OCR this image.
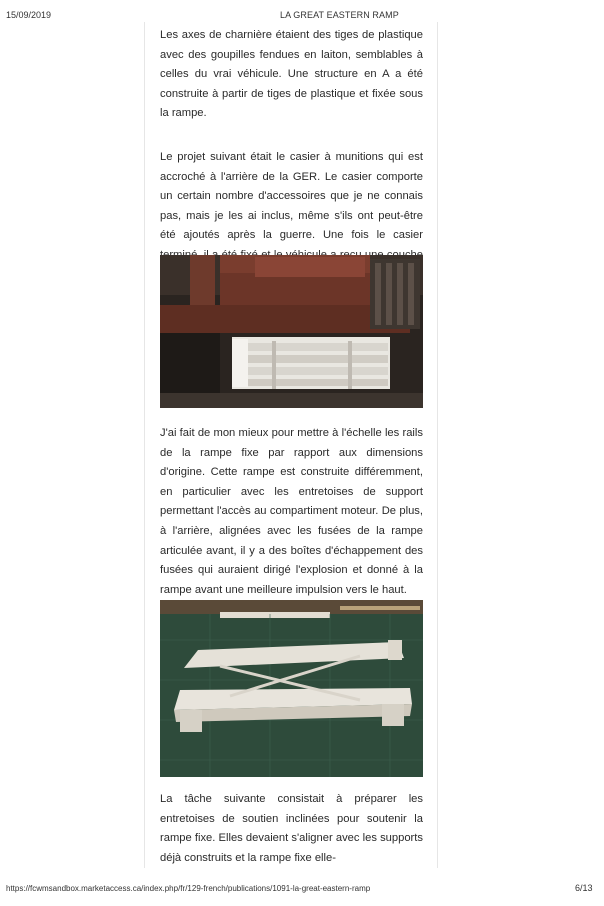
15/09/2019	LA GREAT EASTERN RAMP

Les axes de charnière étaient des tiges de plastique avec des goupilles fendues en laiton, semblables à celles du vrai véhicule. Une structure en A a été construite à partir de tiges de plastique et fixée sous la rampe.

Le projet suivant était le casier à munitions qui est accroché à l'arrière de la GER. Le casier comporte un certain nombre d'accessoires que je ne connais pas, mais je les ai inclus, même s'ils ont peut-être été ajoutés après la guerre. Une fois le casier

J'ai fait de mon mieux pour mettre à l'échelle les rails de la rampe fixe par rapport aux dimensions d'origine. Cette rampe est construite différemment, en particulier avec les entretoises de support permettant l'accès au compartiment moteur. De plus, à l'arrière, alignées avec les fusées de la rampe articulée avant, il y a des boîtes d'échappement des fusées qui auraient dirigé l'explosion et donné à la rampe avant une meilleure impulsion vers le haut.

La tâche suivante consistait à préparer les entretoises de soutien inclinées pour soutenir la rampe fixe. Elles devaient s'aligner avec les supports déjà construits et la rampe fixe elle-

https://fcwmsandbox.marketaccess.ca/index.php/fr/129-french/publications/1091-la-great-eastern-ramp	6/13
